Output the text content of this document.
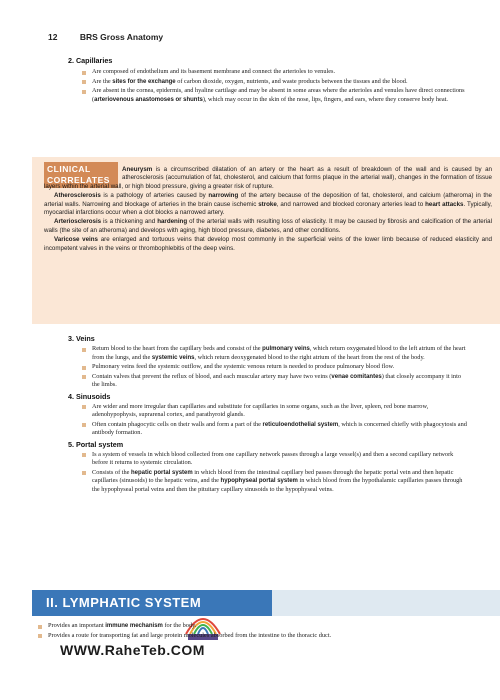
12	BRS Gross Anatomy
2. Capillaries
Are composed of endothelium and its basement membrane and connect the arterioles to venules.
Are the sites for the exchange of carbon dioxide, oxygen, nutrients, and waste products between the tissues and the blood.
Are absent in the cornea, epidermis, and hyaline cartilage and may be absent in some areas where the arterioles and venules have direct connections (arteriovenous anastomoses or shunts), which may occur in the skin of the nose, lips, fingers, and ears, where they conserve body heat.
CLINICAL CORRELATES

Aneurysm is a circumscribed dilatation of an artery or the heart as a result of breakdown of the wall and is caused by an atherosclerosis (accumulation of fat, cholesterol, and calcium that forms plaque in the arterial wall), changes in the formation of tissue layers within the arterial wall, or high blood pressure, giving a greater risk of rupture.

Atherosclerosis is a pathology of arteries caused by narrowing of the artery because of the deposition of fat, cholesterol, and calcium (atheroma) in the arterial walls. Narrowing and blockage of arteries in the brain cause ischemic stroke, and narrowed and blocked coronary arteries lead to heart attacks. Typically, myocardial infarctions occur when a clot blocks a narrowed artery.

Arteriosclerosis is a thickening and hardening of the arterial walls with resulting loss of elasticity. It may be caused by fibrosis and calcification of the arterial walls (the site of an atheroma) and develops with aging, high blood pressure, diabetes, and other conditions.

Varicose veins are enlarged and tortuous veins that develop most commonly in the superficial veins of the lower limb because of reduced elasticity and incompetent valves in the veins or thrombophlebitis of the deep veins.

3. Veins
Return blood to the heart from the capillary beds and consist of the pulmonary veins, which return oxygenated blood to the left atrium of the heart from the lungs, and the systemic veins, which return deoxygenated blood to the right atrium of the heart from the rest of the body.
Pulmonary veins feed the systemic outflow, and the systemic venous return is needed to produce pulmonary blood flow.
Contain valves that prevent the reflux of blood, and each muscular artery may have two veins (venae comitantes) that closely accompany it into the limbs.
4. Sinusoids
Are wider and more irregular than capillaries and substitute for capillaries in some organs, such as the liver, spleen, red bone marrow, adenohypophysis, suprarenal cortex, and parathyroid glands.
Often contain phagocytic cells on their walls and form a part of the reticuloendothelial system, which is concerned chiefly with phagocytosis and antibody formation.
5. Portal system
Is a system of vessels in which blood collected from one capillary network passes through a large vessel(s) and then a second capillary network before it returns to systemic circulation.
Consists of the hepatic portal system in which blood from the intestinal capillary bed passes through the hepatic portal vein and then hepatic capillaries (sinusoids) to the hepatic veins, and the hypophyseal portal system in which blood from the hypothalamic capillaries passes through the hypophyseal portal veins and then the pituitary capillary sinusoids to the hypophyseal veins.
II. LYMPHATIC SYSTEM
Provides an important immune mechanism for the body.
Provides a route for transporting fat and large protein molecules absorbed from the intestine to the thoracic duct.
WWW.RaheTeb.COM
